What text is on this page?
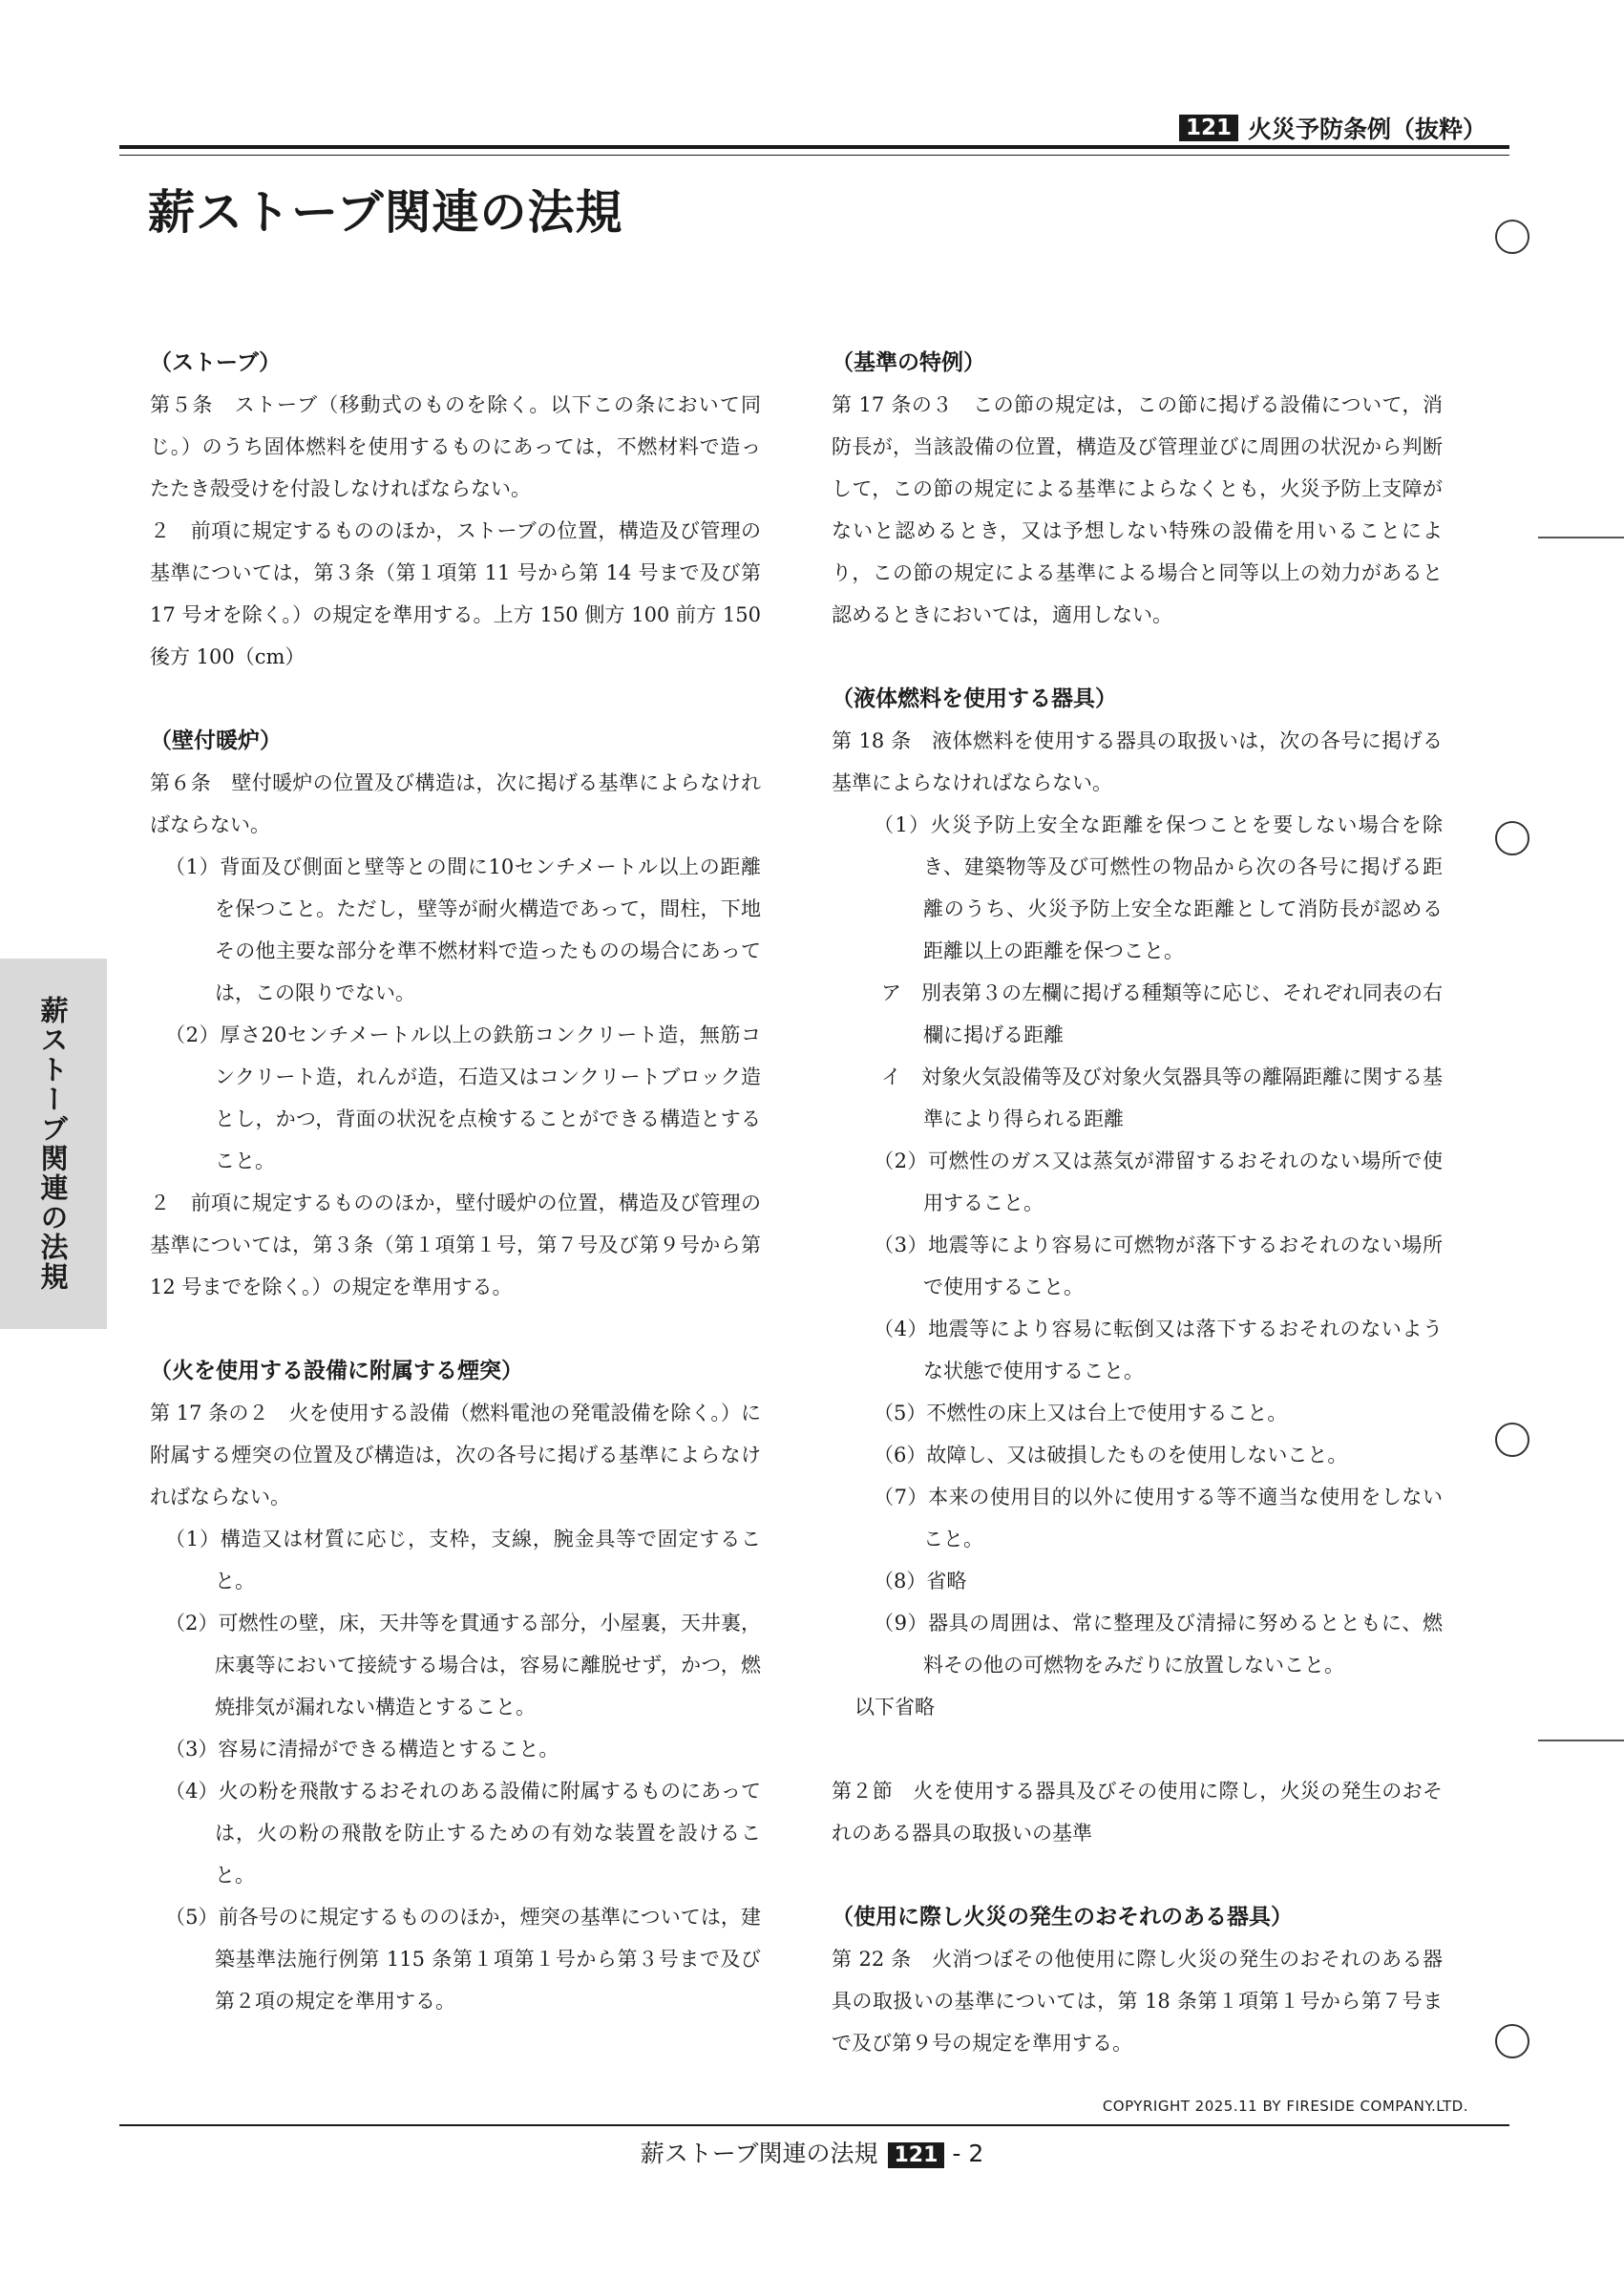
121 火災予防条例（抜粋）
薪ストーブ関連の法規
薪ストーブ関連の法規
（ストーブ）
第５条　ストーブ（移動式のものを除く。以下この条において同じ。）のうち固体燃料を使用するものにあっては，不燃材料で造ったたき殻受けを付設しなければならない。
２　前項に規定するもののほか，ストーブの位置，構造及び管理の基準については，第３条（第１項第 11 号から第 14 号まで及び第 17 号オを除く。）の規定を準用する。上方 150 側方 100 前方 150 後方 100（cm）
（壁付暖炉）
第６条　壁付暖炉の位置及び構造は，次に掲げる基準によらなければならない。
（1）背面及び側面と壁等との間に10センチメートル以上の距離を保つこと。ただし，壁等が耐火構造であって，間柱，下地その他主要な部分を準不燃材料で造ったものの場合にあっては，この限りでない。
（2）厚さ20センチメートル以上の鉄筋コンクリート造，無筋コンクリート造，れんが造，石造又はコンクリートブロック造とし，かつ，背面の状況を点検することができる構造とすること。
２　前項に規定するもののほか，壁付暖炉の位置，構造及び管理の基準については，第３条（第１項第１号，第７号及び第９号から第 12 号までを除く。）の規定を準用する。
（火を使用する設備に附属する煙突）
第 17 条の２　火を使用する設備（燃料電池の発電設備を除く。）に附属する煙突の位置及び構造は，次の各号に掲げる基準によらなければならない。
（1）構造又は材質に応じ，支枠，支線，腕金具等で固定すること。
（2）可燃性の壁，床，天井等を貫通する部分，小屋裏，天井裏，床裏等において接続する場合は，容易に離脱せず，かつ，燃焼排気が漏れない構造とすること。
（3）容易に清掃ができる構造とすること。
（4）火の粉を飛散するおそれのある設備に附属するものにあっては，火の粉の飛散を防止するための有効な装置を設けること。
（5）前各号のに規定するもののほか，煙突の基準については，建築基準法施行例第 115 条第１項第１号から第３号まで及び第２項の規定を準用する。
（基準の特例）
第 17 条の３　この節の規定は，この節に掲げる設備について，消防長が，当該設備の位置，構造及び管理並びに周囲の状況から判断して，この節の規定による基準によらなくとも，火災予防上支障がないと認めるとき，又は予想しない特殊の設備を用いることにより，この節の規定による基準による場合と同等以上の効力があると認めるときにおいては，適用しない。
（液体燃料を使用する器具）
第 18 条　液体燃料を使用する器具の取扱いは，次の各号に掲げる基準によらなければならない。
（1）火災予防上安全な距離を保つことを要しない場合を除き、建築物等及び可燃性の物品から次の各号に掲げる距離のうち、火災予防上安全な距離として消防長が認める距離以上の距離を保つこと。
ア　別表第３の左欄に掲げる種類等に応じ、それぞれ同表の右欄に掲げる距離
イ　対象火気設備等及び対象火気器具等の離隔距離に関する基準により得られる距離
（2）可燃性のガス又は蒸気が滞留するおそれのない場所で使用すること。
（3）地震等により容易に可燃物が落下するおそれのない場所で使用すること。
（4）地震等により容易に転倒又は落下するおそれのないような状態で使用すること。
（5）不燃性の床上又は台上で使用すること。
（6）故障し、又は破損したものを使用しないこと。
（7）本来の使用目的以外に使用する等不適当な使用をしないこと。
（8）省略
（9）器具の周囲は、常に整理及び清掃に努めるとともに、燃料その他の可燃物をみだりに放置しないこと。
以下省略
第２節　火を使用する器具及びその使用に際し，火災の発生のおそれのある器具の取扱いの基準
（使用に際し火災の発生のおそれのある器具）
第 22 条　火消つぼその他使用に際し火災の発生のおそれのある器具の取扱いの基準については，第 18 条第１項第１号から第７号まで及び第９号の規定を準用する。
COPYRIGHT 2025.11 BY FIRESIDE COMPANY.LTD.
薪ストーブ関連の法規 121 - 2
